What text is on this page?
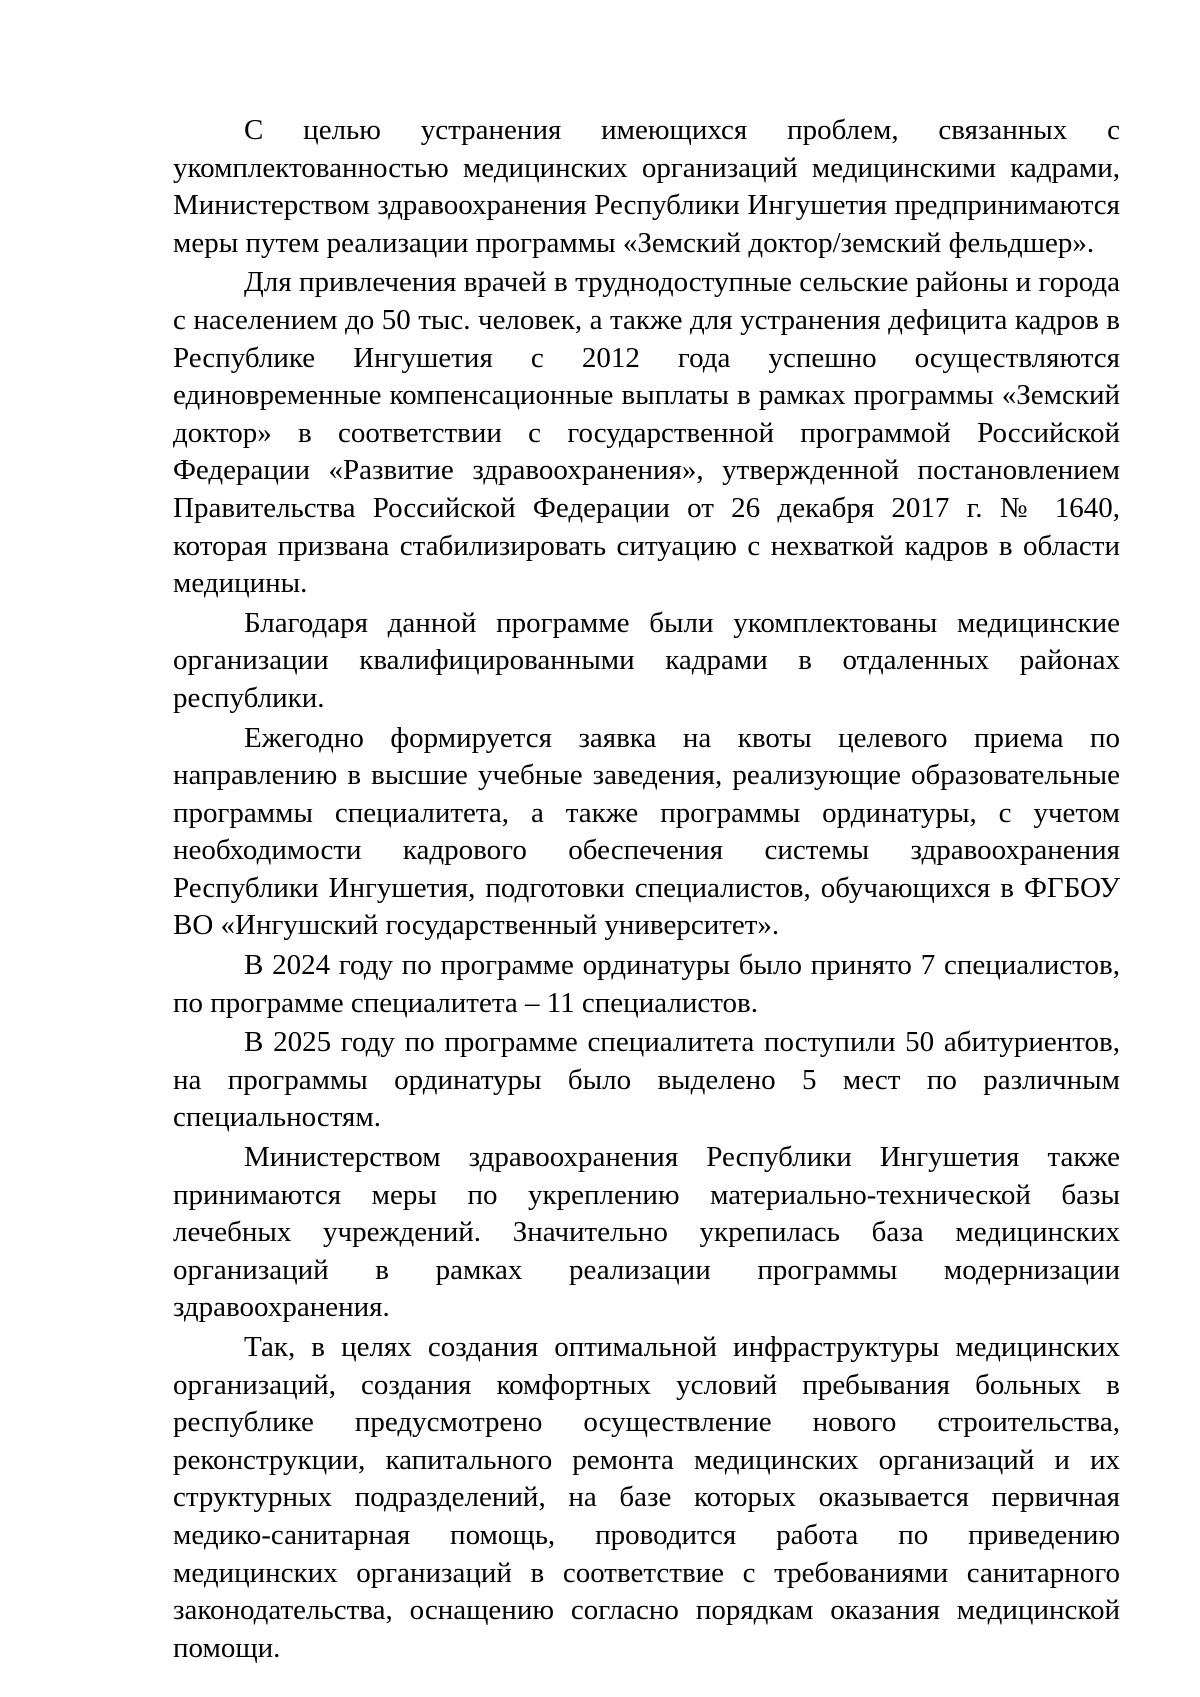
С целью устранения имеющихся проблем, связанных с укомплектованностью медицинских организаций медицинскими кадрами, Министерством здравоохранения Республики Ингушетия предпринимаются меры путем реализации программы «Земский доктор/земский фельдшер».

Для привлечения врачей в труднодоступные сельские районы и города с населением до 50 тыс. человек, а также для устранения дефицита кадров в Республике Ингушетия с 2012 года успешно осуществляются единовременные компенсационные выплаты в рамках программы «Земский доктор» в соответствии с государственной программой Российской Федерации «Развитие здравоохранения», утвержденной постановлением Правительства Российской Федерации от 26 декабря 2017 г. № 1640, которая призвана стабилизировать ситуацию с нехваткой кадров в области медицины.

Благодаря данной программе были укомплектованы медицинские организации квалифицированными кадрами в отдаленных районах республики.

Ежегодно формируется заявка на квоты целевого приема по направлению в высшие учебные заведения, реализующие образовательные программы специалитета, а также программы ординатуры, с учетом необходимости кадрового обеспечения системы здравоохранения Республики Ингушетия, подготовки специалистов, обучающихся в ФГБОУ ВО «Ингушский государственный университет».

В 2024 году по программе ординатуры было принято 7 специалистов, по программе специалитета – 11 специалистов.

В 2025 году по программе специалитета поступили 50 абитуриентов, на программы ординатуры было выделено 5 мест по различным специальностям.

Министерством здравоохранения Республики Ингушетия также принимаются меры по укреплению материально-технической базы лечебных учреждений. Значительно укрепилась база медицинских организаций в рамках реализации программы модернизации здравоохранения.

Так, в целях создания оптимальной инфраструктуры медицинских организаций, создания комфортных условий пребывания больных в республике предусмотрено осуществление нового строительства, реконструкции, капитального ремонта медицинских организаций и их структурных подразделений, на базе которых оказывается первичная медико-санитарная помощь, проводится работа по приведению медицинских организаций в соответствие с требованиями санитарного законодательства, оснащению согласно порядкам оказания медицинской помощи.
